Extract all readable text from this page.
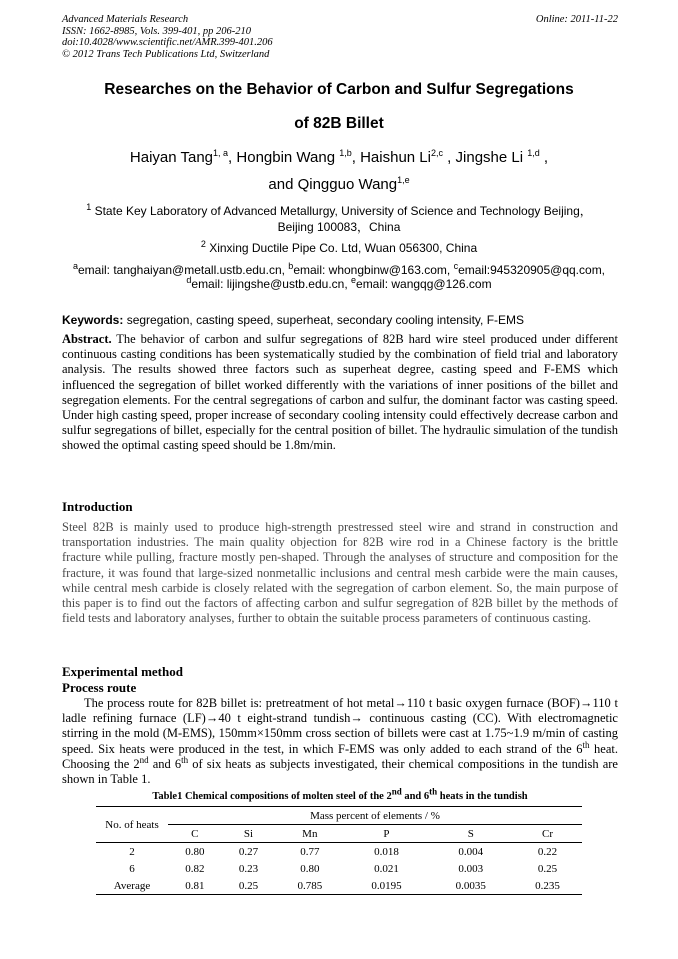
Advanced Materials Research
ISSN: 1662-8985, Vols. 399-401, pp 206-210
doi:10.4028/www.scientific.net/AMR.399-401.206
© 2012 Trans Tech Publications Ltd, Switzerland
Online: 2011-11-22
Researches on the Behavior of Carbon and Sulfur Segregations
of 82B Billet
Haiyan Tang$^{1, a}$, Hongbin Wang $^{1,b}$, Haishun Li$^{2,c}$ , Jingshe Li $^{1,d}$ ,
and Qingguo Wang$^{1,e}$
$^1$ State Key Laboratory of Advanced Metallurgy, University of Science and Technology Beijing，
Beijing 100083，China
$^2$ Xinxing Ductile Pipe Co. Ltd, Wuan 056300, China
$^a$email: tanghaiyan@metall.ustb.edu.cn, $^b$email: whongbinw@163.com, $^c$email:945320905@qq.com,
$^d$email: lijingshe@ustb.edu.cn, $^e$email: wangqg@126.com
Keywords: segregation, casting speed, superheat, secondary cooling intensity, F-EMS
Abstract. The behavior of carbon and sulfur segregations of 82B hard wire steel produced under different continuous casting conditions has been systematically studied by the combination of field trial and laboratory analysis. The results showed three factors such as superheat degree, casting speed and F-EMS which influenced the segregation of billet worked differently with the variations of inner positions of the billet and segregation elements. For the central segregations of carbon and sulfur, the dominant factor was casting speed. Under high casting speed, proper increase of secondary cooling intensity could effectively decrease carbon and sulfur segregations of billet, especially for the central position of billet. The hydraulic simulation of the tundish showed the optimal casting speed should be 1.8m/min.
Introduction
Steel 82B is mainly used to produce high-strength prestressed steel wire and strand in construction and transportation industries. The main quality objection for 82B wire rod in a Chinese factory is the brittle fracture while pulling, fracture mostly pen-shaped. Through the analyses of structure and composition for the fracture, it was found that large-sized nonmetallic inclusions and central mesh carbide were the main causes, while central mesh carbide is closely related with the segregation of carbon element. So, the main purpose of this paper is to find out the factors of affecting carbon and sulfur segregation of 82B billet by the methods of field tests and laboratory analyses, further to obtain the suitable process parameters of continuous casting.
Experimental method
Process route
The process route for 82B billet is: pretreatment of hot metal→110 t basic oxygen furnace (BOF)→110 t ladle refining furnace (LF)→40 t eight-strand tundish→ continuous casting (CC). With electromagnetic stirring in the mold (M-EMS), 150mm×150mm cross section of billets were cast at 1.75~1.9 m/min of casting speed. Six heats were produced in the test, in which F-EMS was only added to each strand of the 6th heat. Choosing the 2nd and 6th of six heats as subjects investigated, their chemical compositions in the tundish are shown in Table 1.
Table1 Chemical compositions of molten steel of the 2nd and 6th heats in the tundish
No. of heats	Mass percent of elements / %					
	C	Si	Mn	P	S	Cr
2	0.80	0.27	0.77	0.018	0.004	0.22
6	0.82	0.23	0.80	0.021	0.003	0.25
Average	0.81	0.25	0.785	0.0195	0.0035	0.235
